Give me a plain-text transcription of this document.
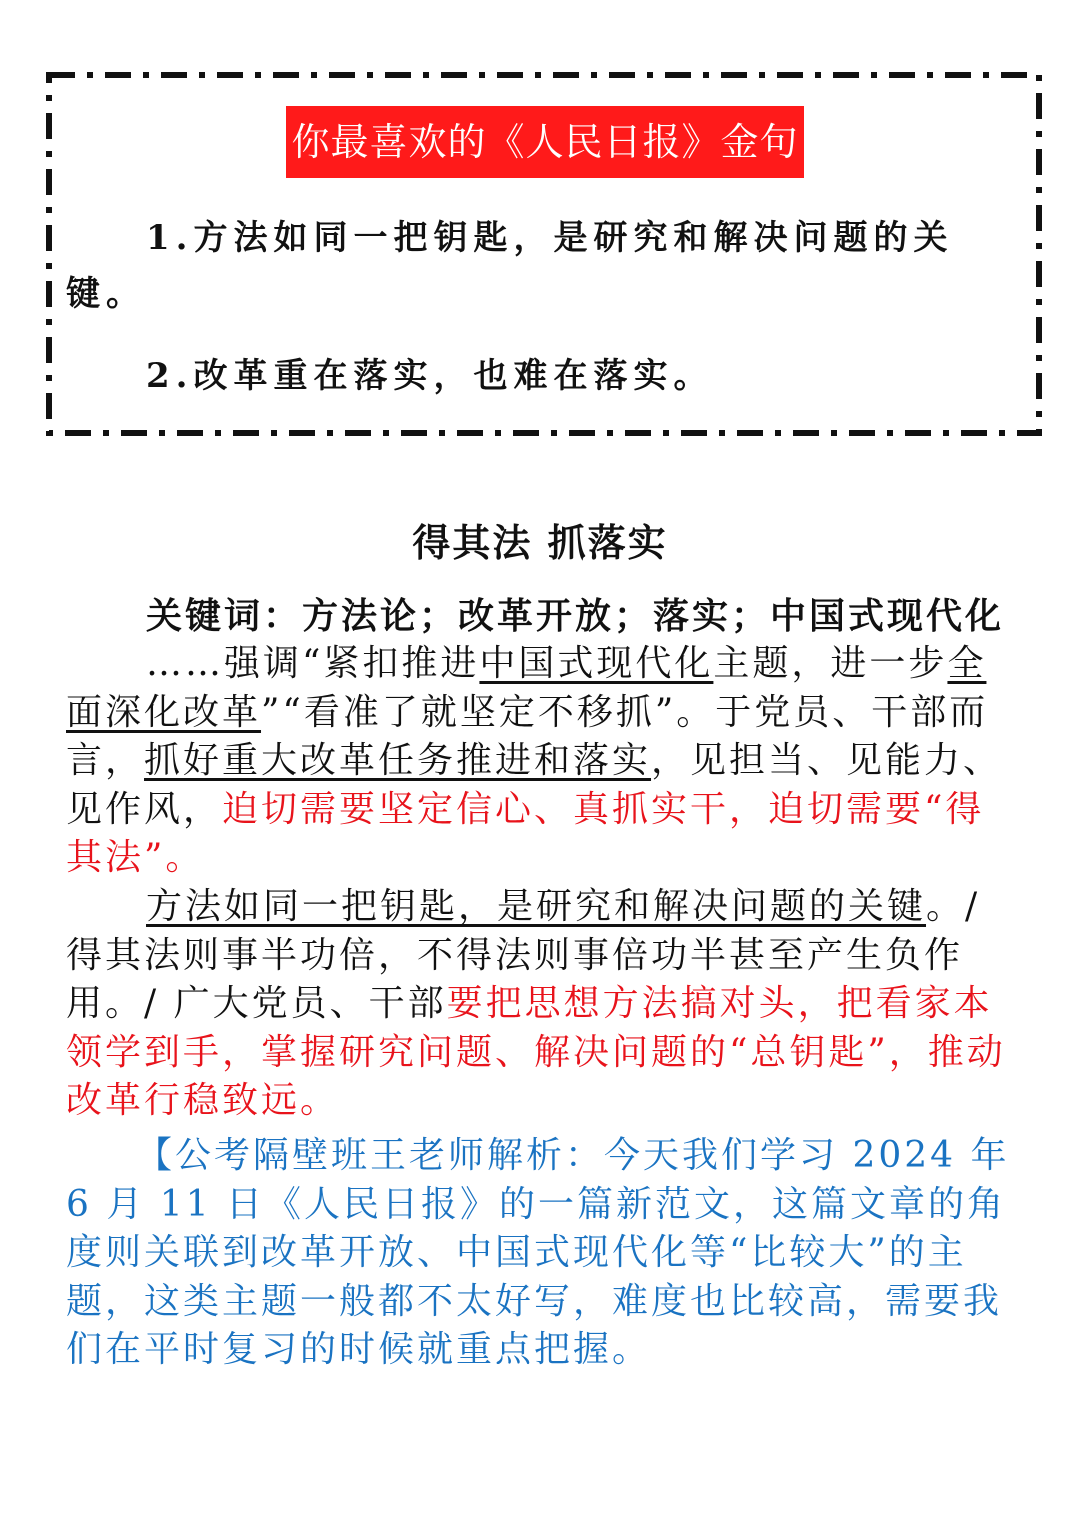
你最喜欢的《人民日报》金句
1.方法如同一把钥匙，是研究和解决问题的关键。
2.改革重在落实，也难在落实。
得其法 抓落实
关键词：方法论；改革开放；落实；中国式现代化
……强调“紧扣推进中国式现代化主题，进一步全面深化改革”“看准了就坚定不移抓”。于党员、干部而言，抓好重大改革任务推进和落实，见担当、见能力、见作风，迫切需要坚定信心、真抓实干，迫切需要“得其法”。
方法如同一把钥匙，是研究和解决问题的关键。/ 得其法则事半功倍，不得法则事倍功半甚至产生负作用。/ 广大党员、干部要把思想方法搞对头，把看家本领学到手，掌握研究问题、解决问题的“总钥匙”，推动改革行稳致远。
【公考隔壁班王老师解析：今天我们学习 2024 年 6 月 11 日《人民日报》的一篇新范文，这篇文章的角度则关联到改革开放、中国式现代化等“比较大”的主题，这类主题一般都不太好写，难度也比较高，需要我们在平时复习的时候就重点把握。
